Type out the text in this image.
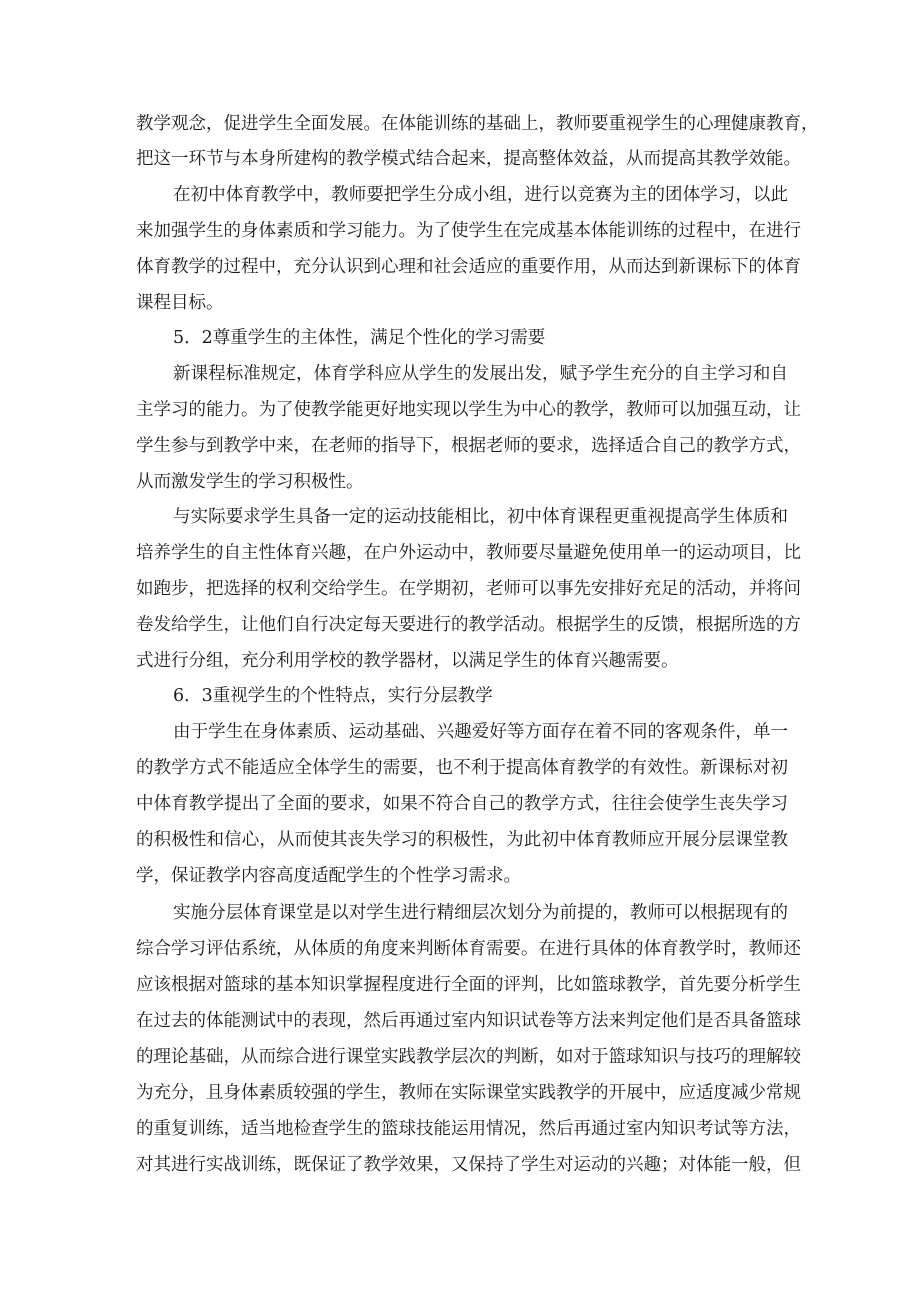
教学观念，促进学生全面发展。在体能训练的基础上，教师要重视学生的心理健康教育，
把这一环节与本身所建构的教学模式结合起来，提高整体效益，从而提高其教学效能。
在初中体育教学中，教师要把学生分成小组，进行以竞赛为主的团体学习，以此
来加强学生的身体素质和学习能力。为了使学生在完成基本体能训练的过程中，在进行
体育教学的过程中，充分认识到心理和社会适应的重要作用，从而达到新课标下的体育
课程目标。
5．2尊重学生的主体性，满足个性化的学习需要
新课程标准规定，体育学科应从学生的发展出发，赋予学生充分的自主学习和自
主学习的能力。为了使教学能更好地实现以学生为中心的教学，教师可以加强互动，让
学生参与到教学中来，在老师的指导下，根据老师的要求，选择适合自己的教学方式，
从而激发学生的学习积极性。
与实际要求学生具备一定的运动技能相比，初中体育课程更重视提高学生体质和
培养学生的自主性体育兴趣，在户外运动中，教师要尽量避免使用单一的运动项目，比
如跑步，把选择的权利交给学生。在学期初，老师可以事先安排好充足的活动，并将问
卷发给学生，让他们自行决定每天要进行的教学活动。根据学生的反馈，根据所选的方
式进行分组，充分利用学校的教学器材，以满足学生的体育兴趣需要。
6．3重视学生的个性特点，实行分层教学
由于学生在身体素质、运动基础、兴趣爱好等方面存在着不同的客观条件，单一
的教学方式不能适应全体学生的需要，也不利于提高体育教学的有效性。新课标对初
中体育教学提出了全面的要求，如果不符合自己的教学方式，往往会使学生丧失学习
的积极性和信心，从而使其丧失学习的积极性，为此初中体育教师应开展分层课堂教
学，保证教学内容高度适配学生的个性学习需求。
实施分层体育课堂是以对学生进行精细层次划分为前提的，教师可以根据现有的
综合学习评估系统，从体质的角度来判断体育需要。在进行具体的体育教学时，教师还
应该根据对篮球的基本知识掌握程度进行全面的评判，比如篮球教学，首先要分析学生
在过去的体能测试中的表现，然后再通过室内知识试卷等方法来判定他们是否具备篮球
的理论基础，从而综合进行课堂实践教学层次的判断，如对于篮球知识与技巧的理解较
为充分，且身体素质较强的学生，教师在实际课堂实践教学的开展中，应适度减少常规
的重复训练，适当地检查学生的篮球技能运用情况，然后再通过室内知识考试等方法，
对其进行实战训练，既保证了教学效果，又保持了学生对运动的兴趣；对体能一般，但
